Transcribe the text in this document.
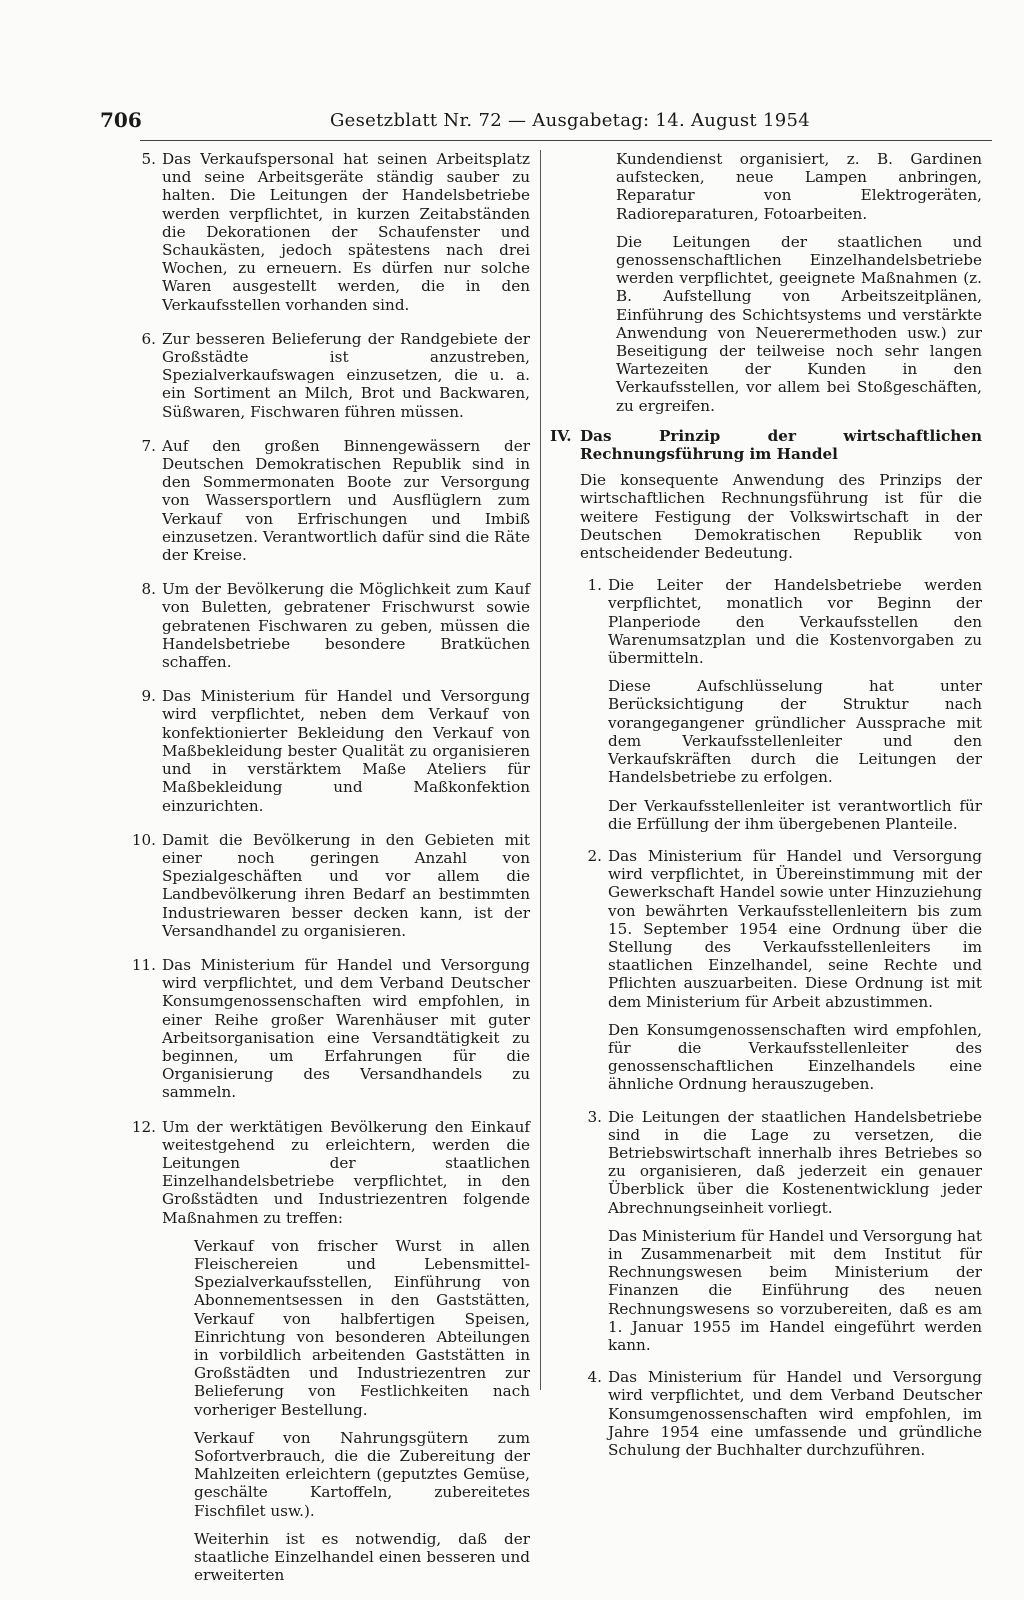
706	Gesetzblatt Nr. 72 — Ausgabetag: 14. August 1954
5. Das Verkaufspersonal hat seinen Arbeitsplatz und seine Arbeitsgeräte ständig sauber zu halten. Die Leitungen der Handelsbetriebe werden verpflichtet, in kurzen Zeitabständen die Dekorationen der Schaufenster und Schaukästen, jedoch spätestens nach drei Wochen, zu erneuern. Es dürfen nur solche Waren ausgestellt werden, die in den Verkaufsstellen vorhanden sind.

6. Zur besseren Belieferung der Randgebiete der Großstädte ist anzustreben, Spezialverkaufswagen einzusetzen, die u. a. ein Sortiment an Milch, Brot und Backwaren, Süßwaren, Fischwaren führen müssen.

7. Auf den großen Binnengewässern der Deutschen Demokratischen Republik sind in den Sommermonaten Boote zur Versorgung von Wassersportlern und Ausflüglern zum Verkauf von Erfrischungen und Imbiß einzusetzen. Verantwortlich dafür sind die Räte der Kreise.

8. Um der Bevölkerung die Möglichkeit zum Kauf von Buletten, gebratener Frischwurst sowie gebratenen Fischwaren zu geben, müssen die Handelsbetriebe besondere Bratküchen schaffen.

9. Das Ministerium für Handel und Versorgung wird verpflichtet, neben dem Verkauf von konfektionierter Bekleidung den Verkauf von Maßbekleidung bester Qualität zu organisieren und in verstärktem Maße Ateliers für Maßbekleidung und Maßkonfektion einzurichten.

10. Damit die Bevölkerung in den Gebieten mit einer noch geringen Anzahl von Spezialgeschäften und vor allem die Landbevölkerung ihren Bedarf an bestimmten Industriewaren besser decken kann, ist der Versandhandel zu organisieren.

11. Das Ministerium für Handel und Versorgung wird verpflichtet, und dem Verband Deutscher Konsumgenossenschaften wird empfohlen, in einer Reihe großer Warenhäuser mit guter Arbeitsorganisation eine Versandtätigkeit zu beginnen, um Erfahrungen für die Organisierung des Versandhandels zu sammeln.

12. Um der werktätigen Bevölkerung den Einkauf weitestgehend zu erleichtern, werden die Leitungen der staatlichen Einzelhandelsbetriebe verpflichtet, in den Großstädten und Industriezentren folgende Maßnahmen zu treffen:

Verkauf von frischer Wurst in allen Fleischereien und Lebensmittel-Spezialverkaufsstellen, Einführung von Abonnementsessen in den Gaststätten, Verkauf von halbfertigen Speisen, Einrichtung von besonderen Abteilungen in vorbildlich arbeitenden Gaststätten in Großstädten und Industriezentren zur Belieferung von Festlichkeiten nach vorheriger Bestellung.

Verkauf von Nahrungsgütern zum Sofortverbrauch, die die Zubereitung der Mahlzeiten erleichtern (geputztes Gemüse, geschälte Kartoffeln, zubereitetes Fischfilet usw.).

Weiterhin ist es notwendig, daß der staatliche Einzelhandel einen besseren und erweiterten

Kundendienst organisiert, z. B. Gardinen aufstecken, neue Lampen anbringen, Reparatur von Elektrogeräten, Radioreparaturen, Fotoarbeiten.

Die Leitungen der staatlichen und genossenschaftlichen Einzelhandelsbetriebe werden verpflichtet, geeignete Maßnahmen (z. B. Aufstellung von Arbeitszeitplänen, Einführung des Schichtsystems und verstärkte Anwendung von Neuerermethoden usw.) zur Beseitigung der teilweise noch sehr langen Wartezeiten der Kunden in den Verkaufsstellen, vor allem bei Stoßgeschäften, zu ergreifen.

IV. Das Prinzip der wirtschaftlichen Rechnungsführung im Handel

Die konsequente Anwendung des Prinzips der wirtschaftlichen Rechnungsführung ist für die weitere Festigung der Volkswirtschaft in der Deutschen Demokratischen Republik von entscheidender Bedeutung.

1. Die Leiter der Handelsbetriebe werden verpflichtet, monatlich vor Beginn der Planperiode den Verkaufsstellen den Warenumsatzplan und die Kostenvorgaben zu übermitteln.

Diese Aufschlüsselung hat unter Berücksichtigung der Struktur nach vorangegangener gründlicher Aussprache mit dem Verkaufsstellenleiter und den Verkaufskräften durch die Leitungen der Handelsbetriebe zu erfolgen.

Der Verkaufsstellenleiter ist verantwortlich für die Erfüllung der ihm übergebenen Planteile.

2. Das Ministerium für Handel und Versorgung wird verpflichtet, in Übereinstimmung mit der Gewerkschaft Handel sowie unter Hinzuziehung von bewährten Verkaufsstellenleitern bis zum 15. September 1954 eine Ordnung über die Stellung des Verkaufsstellenleiters im staatlichen Einzelhandel, seine Rechte und Pflichten auszuarbeiten. Diese Ordnung ist mit dem Ministerium für Arbeit abzustimmen.

Den Konsumgenossenschaften wird empfohlen, für die Verkaufsstellenleiter des genossenschaftlichen Einzelhandels eine ähnliche Ordnung herauszugeben.

3. Die Leitungen der staatlichen Handelsbetriebe sind in die Lage zu versetzen, die Betriebswirtschaft innerhalb ihres Betriebes so zu organisieren, daß jederzeit ein genauer Überblick über die Kostenentwicklung jeder Abrechnungseinheit vorliegt.

Das Ministerium für Handel und Versorgung hat in Zusammenarbeit mit dem Institut für Rechnungswesen beim Ministerium der Finanzen die Einführung des neuen Rechnungswesens so vorzubereiten, daß es am 1. Januar 1955 im Handel eingeführt werden kann.

4. Das Ministerium für Handel und Versorgung wird verpflichtet, und dem Verband Deutscher Konsumgenossenschaften wird empfohlen, im Jahre 1954 eine umfassende und gründliche Schulung der Buchhalter durchzuführen.
